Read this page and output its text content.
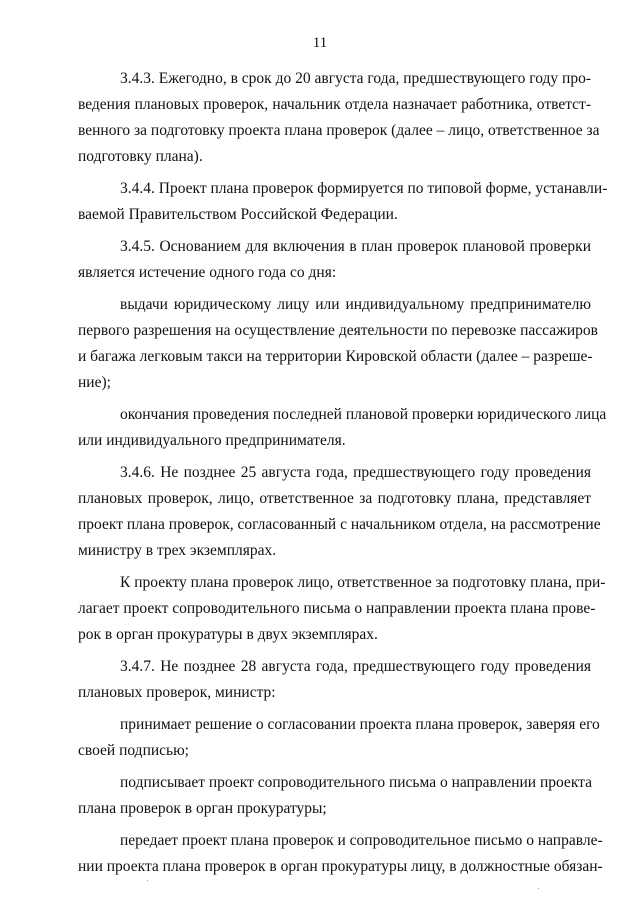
11
3.4.3. Ежегодно, в срок до 20 августа года, предшествующего году про-
ведения плановых проверок, начальник отдела назначает работника, ответст-
венного за подготовку проекта плана проверок (далее – лицо, ответственное за
подготовку плана).
3.4.4. Проект плана проверок формируется по типовой форме, устанавли-
ваемой Правительством Российской Федерации.
3.4.5. Основанием для включения в план проверок плановой проверки
является истечение одного года со дня:
выдачи юридическому лицу или индивидуальному предпринимателю
первого разрешения на осуществление деятельности по перевозке пассажиров
и багажа легковым такси на территории Кировской области (далее – разреше-
ние);
окончания проведения последней плановой проверки юридического лица
или индивидуального предпринимателя.
3.4.6. Не позднее 25 августа года, предшествующего году проведения
плановых проверок, лицо, ответственное за подготовку плана, представляет
проект плана проверок, согласованный с начальником отдела, на рассмотрение
министру в трех экземплярах.
К проекту плана проверок лицо, ответственное за подготовку плана, при-
лагает проект сопроводительного письма о направлении проекта плана прове-
рок в орган прокуратуры в двух экземплярах.
3.4.7. Не позднее 28 августа года, предшествующего году проведения
плановых проверок, министр:
принимает решение о согласовании проекта плана проверок, заверяя его
своей подписью;
подписывает проект сопроводительного письма о направлении проекта
плана проверок в орган прокуратуры;
передает проект плана проверок и сопроводительное письмо о направле-
нии проекта плана проверок в орган прокуратуры лицу, в должностные обязан-
